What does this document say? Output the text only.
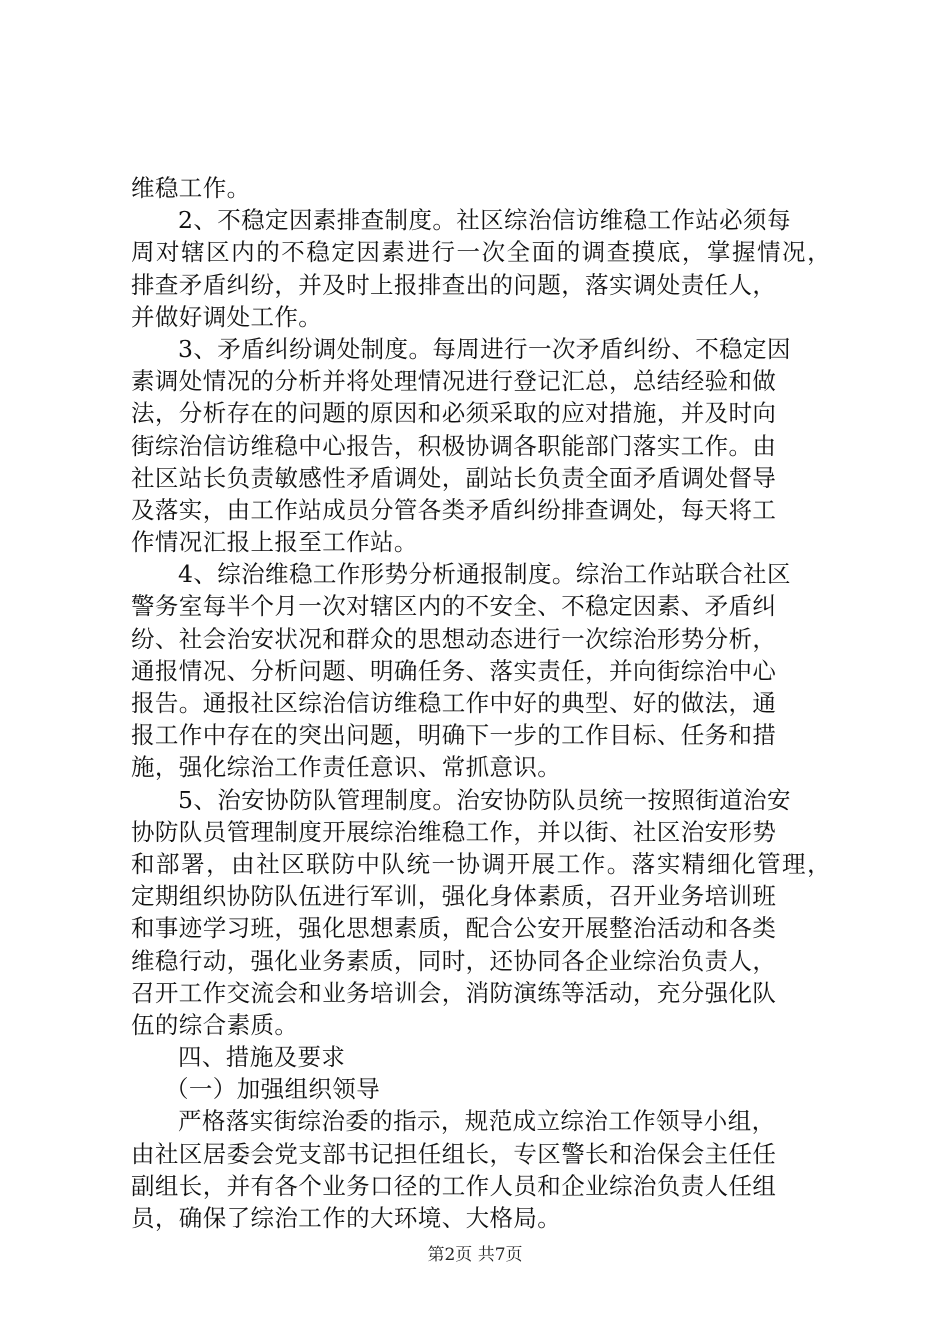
维稳工作。
2、不稳定因素排查制度。社区综治信访维稳工作站必须每
周对辖区内的不稳定因素进行一次全面的调查摸底，掌握情况，
排查矛盾纠纷，并及时上报排查出的问题，落实调处责任人，
并做好调处工作。
3、矛盾纠纷调处制度。每周进行一次矛盾纠纷、不稳定因
素调处情况的分析并将处理情况进行登记汇总，总结经验和做
法，分析存在的问题的原因和必须采取的应对措施，并及时向
街综治信访维稳中心报告，积极协调各职能部门落实工作。由
社区站长负责敏感性矛盾调处，副站长负责全面矛盾调处督导
及落实，由工作站成员分管各类矛盾纠纷排查调处，每天将工
作情况汇报上报至工作站。
4、综治维稳工作形势分析通报制度。综治工作站联合社区
警务室每半个月一次对辖区内的不安全、不稳定因素、矛盾纠
纷、社会治安状况和群众的思想动态进行一次综治形势分析，
通报情况、分析问题、明确任务、落实责任，并向街综治中心
报告。通报社区综治信访维稳工作中好的典型、好的做法，通
报工作中存在的突出问题，明确下一步的工作目标、任务和措
施，强化综治工作责任意识、常抓意识。
5、治安协防队管理制度。治安协防队员统一按照街道治安
协防队员管理制度开展综治维稳工作，并以街、社区治安形势
和部署，由社区联防中队统一协调开展工作。落实精细化管理，
定期组织协防队伍进行军训，强化身体素质，召开业务培训班
和事迹学习班，强化思想素质，配合公安开展整治活动和各类
维稳行动，强化业务素质，同时，还协同各企业综治负责人，
召开工作交流会和业务培训会，消防演练等活动，充分强化队
伍的综合素质。
四、措施及要求
（一）加强组织领导
严格落实街综治委的指示，规范成立综治工作领导小组，
由社区居委会党支部书记担任组长，专区警长和治保会主任任
副组长，并有各个业务口径的工作人员和企业综治负责人任组
员，确保了综治工作的大环境、大格局。
第2页 共7页
